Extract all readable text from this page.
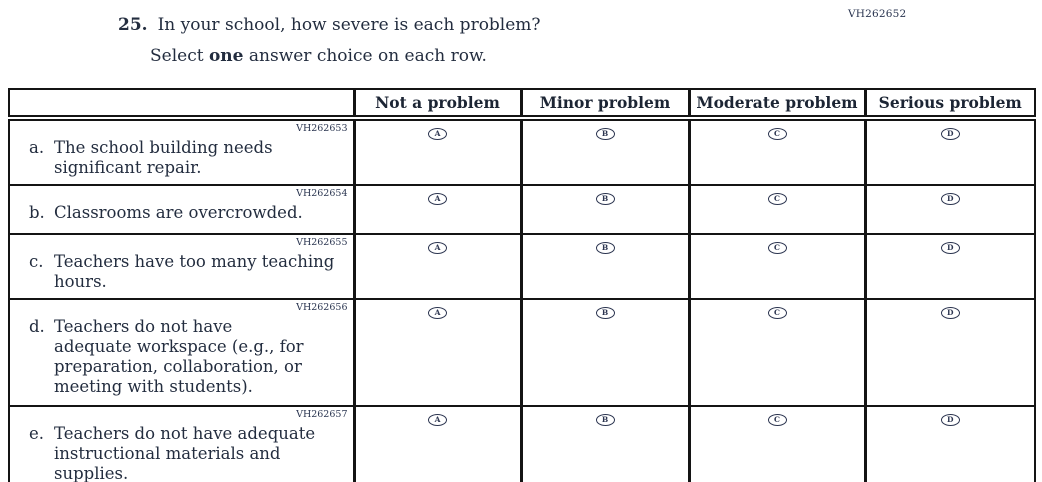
VH262652
25. In your school, how severe is each problem?
Select one answer choice on each row.
	Not a problem	Minor problem	Moderate problem	Serious problem

VH262653
a. The school building needs significant repair.	A	B	C	D

VH262654
b. Classrooms are overcrowded.	A	B	C	D

VH262655
c. Teachers have too many teaching hours.	A	B	C	D

VH262656
d. Teachers do not have adequate workspace (e.g., for preparation, collaboration, or meeting with students).	A	B	C	D

VH262657
e. Teachers do not have adequate instructional materials and supplies.	A	B	C	D
